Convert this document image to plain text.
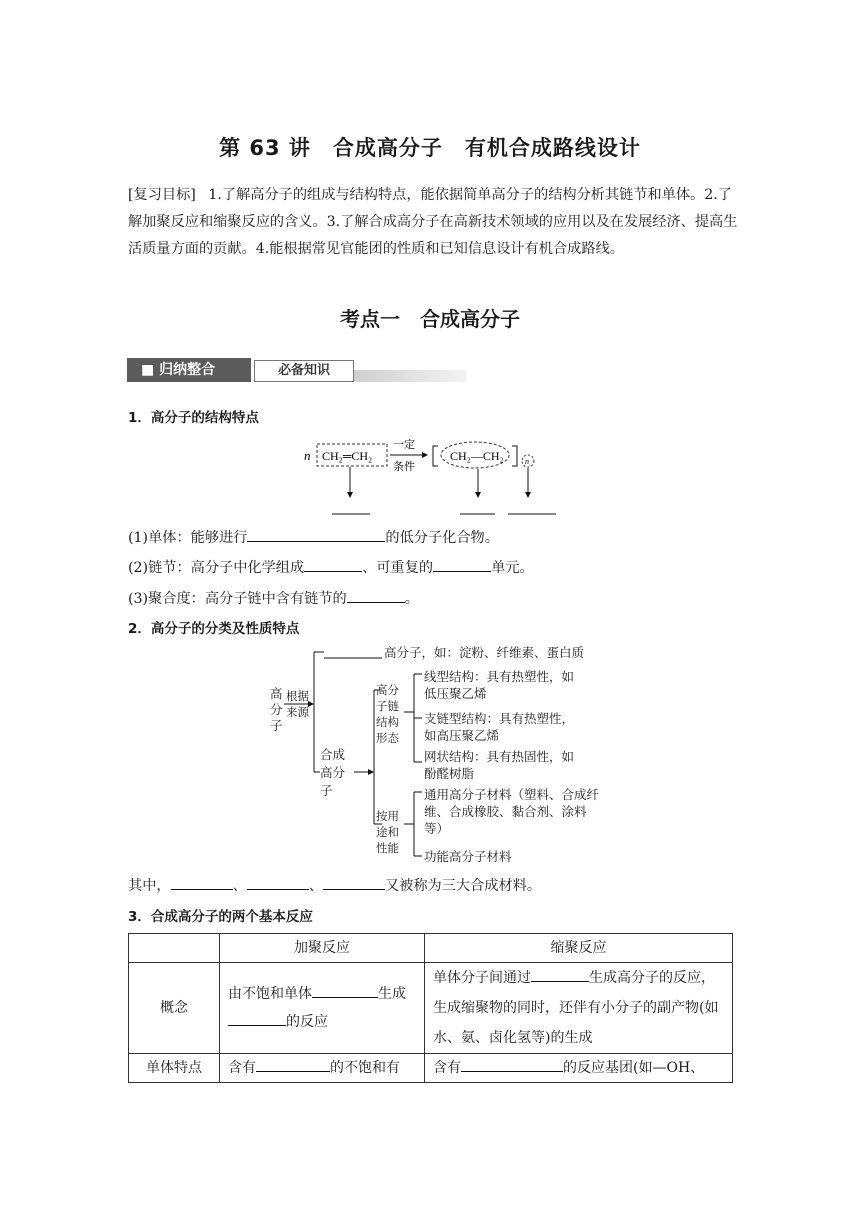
第 63 讲　合成高分子　有机合成路线设计
[复习目标] 1.了解高分子的组成与结构特点，能依据简单高分子的结构分析其链节和单体。2.了解加聚反应和缩聚反应的含义。3.了解合成高分子在高新技术领域的应用以及在发展经济、提高生活质量方面的贡献。4.能根据常见官能团的性质和已知信息设计有机合成路线。
考点一　合成高分子
■ 归纳整合	必备知识
1．高分子的结构特点
n CH₂═CH₂
一定
条件
CH₂—CH₂	n
(1)单体：能够进行	的低分子化合物。
(2)链节：高分子中化学组成	、可重复的	单元。
(3)聚合度：高分子链中含有链节的	。
2．高分子的分类及性质特点
高分子
根据来源
高分子，如：淀粉、纤维素、蛋白质
合成高分子
高分子链结构形态
线型结构：具有热塑性，如低压聚乙烯
支链型结构：具有热塑性，如高压聚乙烯
网状结构：具有热固性，如酚醛树脂
按用途和性能
通用高分子材料（塑料、合成纤维、合成橡胶、黏合剂、涂料等）
功能高分子材料
其中，	、	、	又被称为三大合成材料。
3．合成高分子的两个基本反应
	加聚反应	缩聚反应
概念	由不饱和单体 生成的反应	单体分子间通过 生成高分子的反应，生成缩聚物的同时，还伴有小分子的副产物(如水、氨、卤化氢等)的生成
单体特点	含有 的不饱和有	含有 的反应基团(如—OH、
